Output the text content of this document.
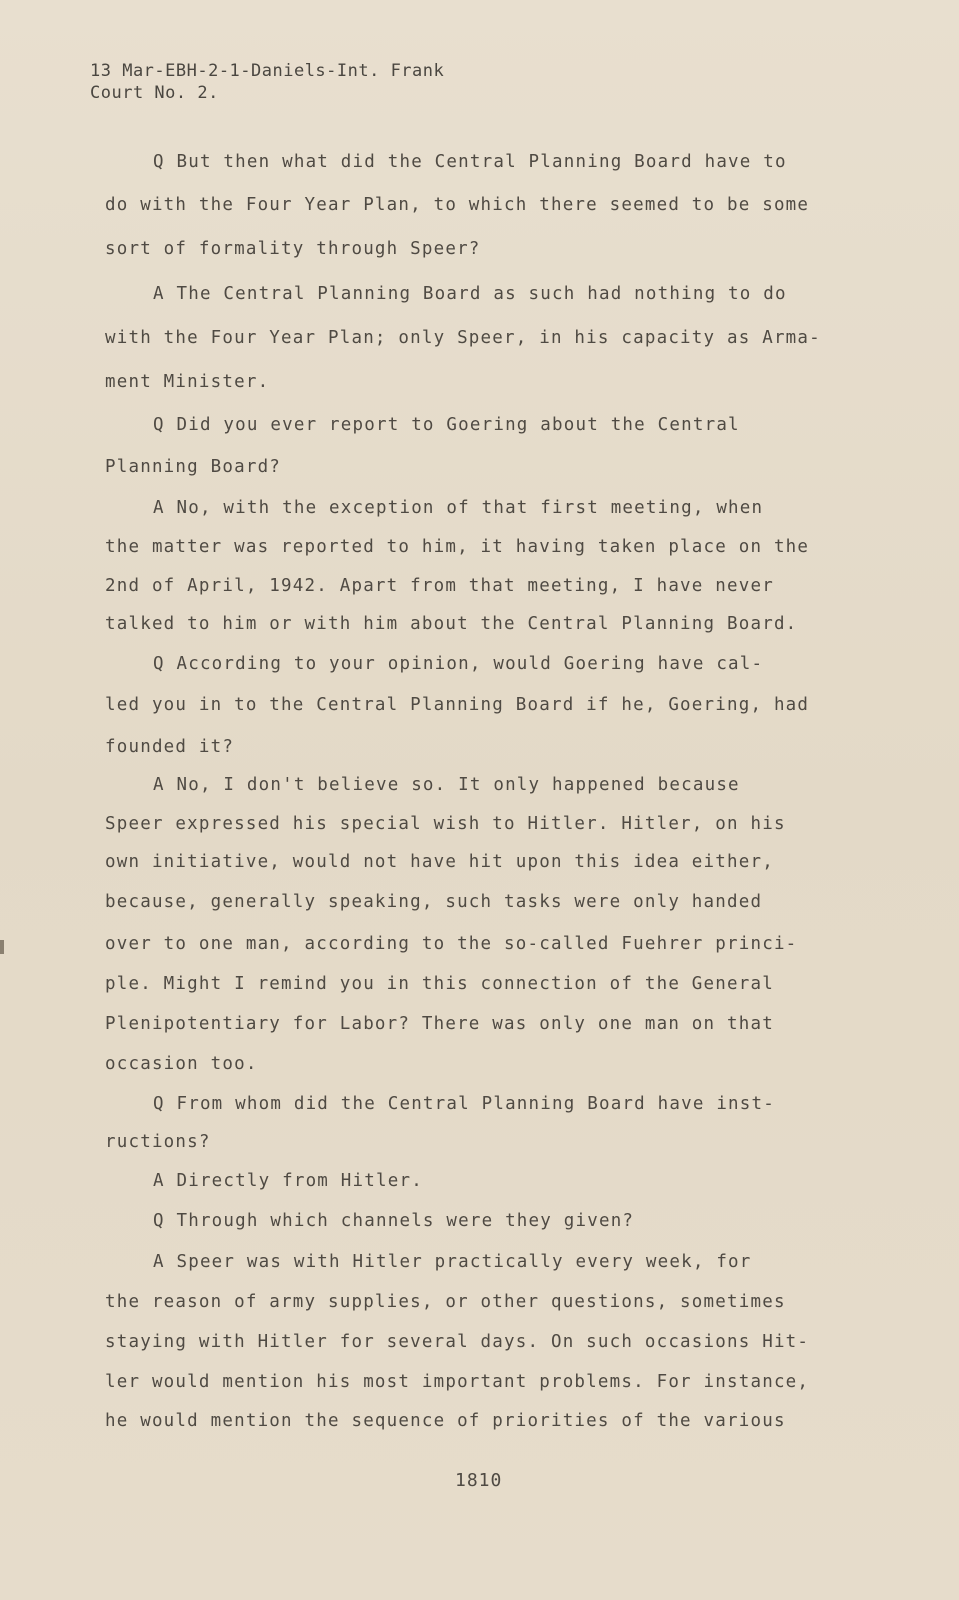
13 Mar-EBH-2-1-Daniels-Int. Frank
Court No. 2.
Q But then what did the Central Planning Board have to
do with the Four Year Plan, to which there seemed to be some
sort of formality through Speer?
A The Central Planning Board as such had nothing to do
with the Four Year Plan; only Speer, in his capacity as Arma-
ment Minister.
Q Did you ever report to Goering about the Central
Planning Board?
A No, with the exception of that first meeting, when
the matter was reported to him, it having taken place on the
2nd of April, 1942. Apart from that meeting, I have never
talked to him or with him about the Central Planning Board.
Q According to your opinion, would Goering have cal-
led you in to the Central Planning Board if he, Goering, had
founded it?
A No, I don't believe so. It only happened because
Speer expressed his special wish to Hitler. Hitler, on his
own initiative, would not have hit upon this idea either,
because, generally speaking, such tasks were only handed
over to one man, according to the so-called Fuehrer princi-
ple. Might I remind you in this connection of the General
Plenipotentiary for Labor? There was only one man on that
occasion too.
Q From whom did the Central Planning Board have inst-
ructions?
A Directly from Hitler.
Q Through which channels were they given?
A Speer was with Hitler practically every week, for
the reason of army supplies, or other questions, sometimes
staying with Hitler for several days. On such occasions Hit-
ler would mention his most important problems. For instance,
he would mention the sequence of priorities of the various
1810
